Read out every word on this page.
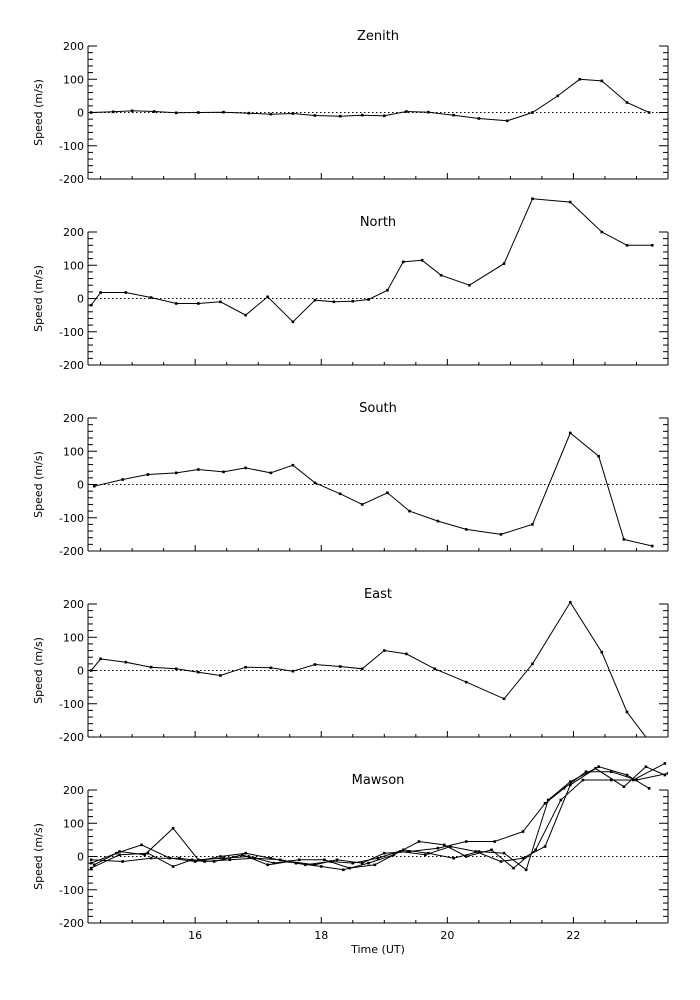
-200
-100
0
100
200
Zenith
Speed (m/s)
-200
-100
0
100
200
North
Speed (m/s)
-200
-100
0
100
200
South
Speed (m/s)
-200
-100
0
100
200
East
Speed (m/s)
-200
-100
0
100
200
Mawson
Speed (m/s)
16	18	20	22
Time (UT)
